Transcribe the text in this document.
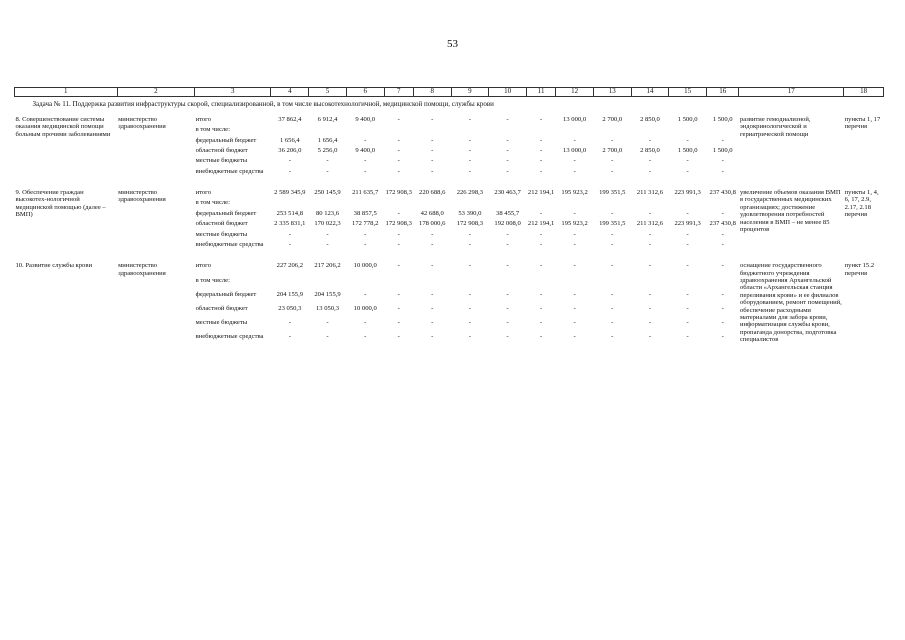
53
1	2	3	4	5	6	7	8	9	10	11	12	13	14	15	16	17	18
Задача № 11. Поддержка развития инфраструктуры скорой, специализированной, в том числе высокотехнологичной, медицинской помощи, службы крови																	
8. Совершенствование системы оказания медицинской помощи больным прочими заболеваниями	министерство здравоохранения	итого	37 862,4	6 912,4	9 400,0	-	-	-	-	-	13 000,0	2 700,0	2 850,0	1 500,0	1 500,0	развитие гемодиализной, эндокринологической и гериатрической помощи	пункты 1, 17 перечня
		в том числе:															
		федеральный бюджет	1 656,4	1 656,4	-	-	-	-	-	-	-	-	-	-	-		
		областной бюджет	36 206,0	5 256,0	9 400,0	-	-	-	-	-	13 000,0	2 700,0	2 850,0	1 500,0	1 500,0		
		местные бюджеты	-	-	-	-	-	-	-	-	-	-	-	-	-		
		внебюджетные средства	-	-	-	-	-	-	-	-	-	-	-	-	-		

9. Обеспечение граждан высокотех-нологичной медицинской помощью (далее – ВМП)	министерство здравоохранения	итого	2 589 345,9	250 145,9	211 635,7	172 908,3	220 688,6	226 298,3	230 463,7	212 194,1	195 923,2	199 351,5	211 312,6	223 991,3	237 430,8	увеличение объемов оказания ВМП в государственных медицинских организациях; достижение удовлетворения потребностей населения в ВМП – не менее 85 процентов	пункты 1, 4, 6, 17, 2.9, 2.17, 2.18 перечня
		в том числе:															
		федеральный бюджет	253 514,8	80 123,6	38 857,5	-	42 688,0	53 390,0	38 455,7	-	-	-	-	-	-		
		областной бюджет	2 335 831,1	170 022,3	172 778,2	172 908,3	178 000,6	172 908,3	192 008,0	212 194,1	195 923,2	199 351,5	211 312,6	223 991,3	237 430,8		
		местные бюджеты	-	-	-	-	-	-	-	-	-	-	-	-	-		
		внебюджетные средства	-	-	-	-	-	-	-	-	-	-	-	-	-		

10. Развитие службы крови	министерство здравоохранения	итого	227 206,2	217 206,2	10 000,0	-	-	-	-	-	-	-	-	-	-	оснащение государственного бюджетного учреждения здравоохранения Архангельской области «Архангельская станция переливания крови» и ее филиалов оборудованием, ремонт помещений, обеспечение расходными материалами для забора крови, информатизация службы крови, пропаганда донорства, подготовка специалистов	пункт 15.2 перечня
		в том числе:															
		федеральный бюджет	204 155,9	204 155,9	-	-	-	-	-	-	-	-	-	-	-		
		областной бюджет	23 050,3	13 050,3	10 000,0	-	-	-	-	-	-	-	-	-	-		
		местные бюджеты	-	-	-	-	-	-	-	-	-	-	-	-	-		
		внебюджетные средства	-	-	-	-	-	-	-	-	-	-	-	-	-		
